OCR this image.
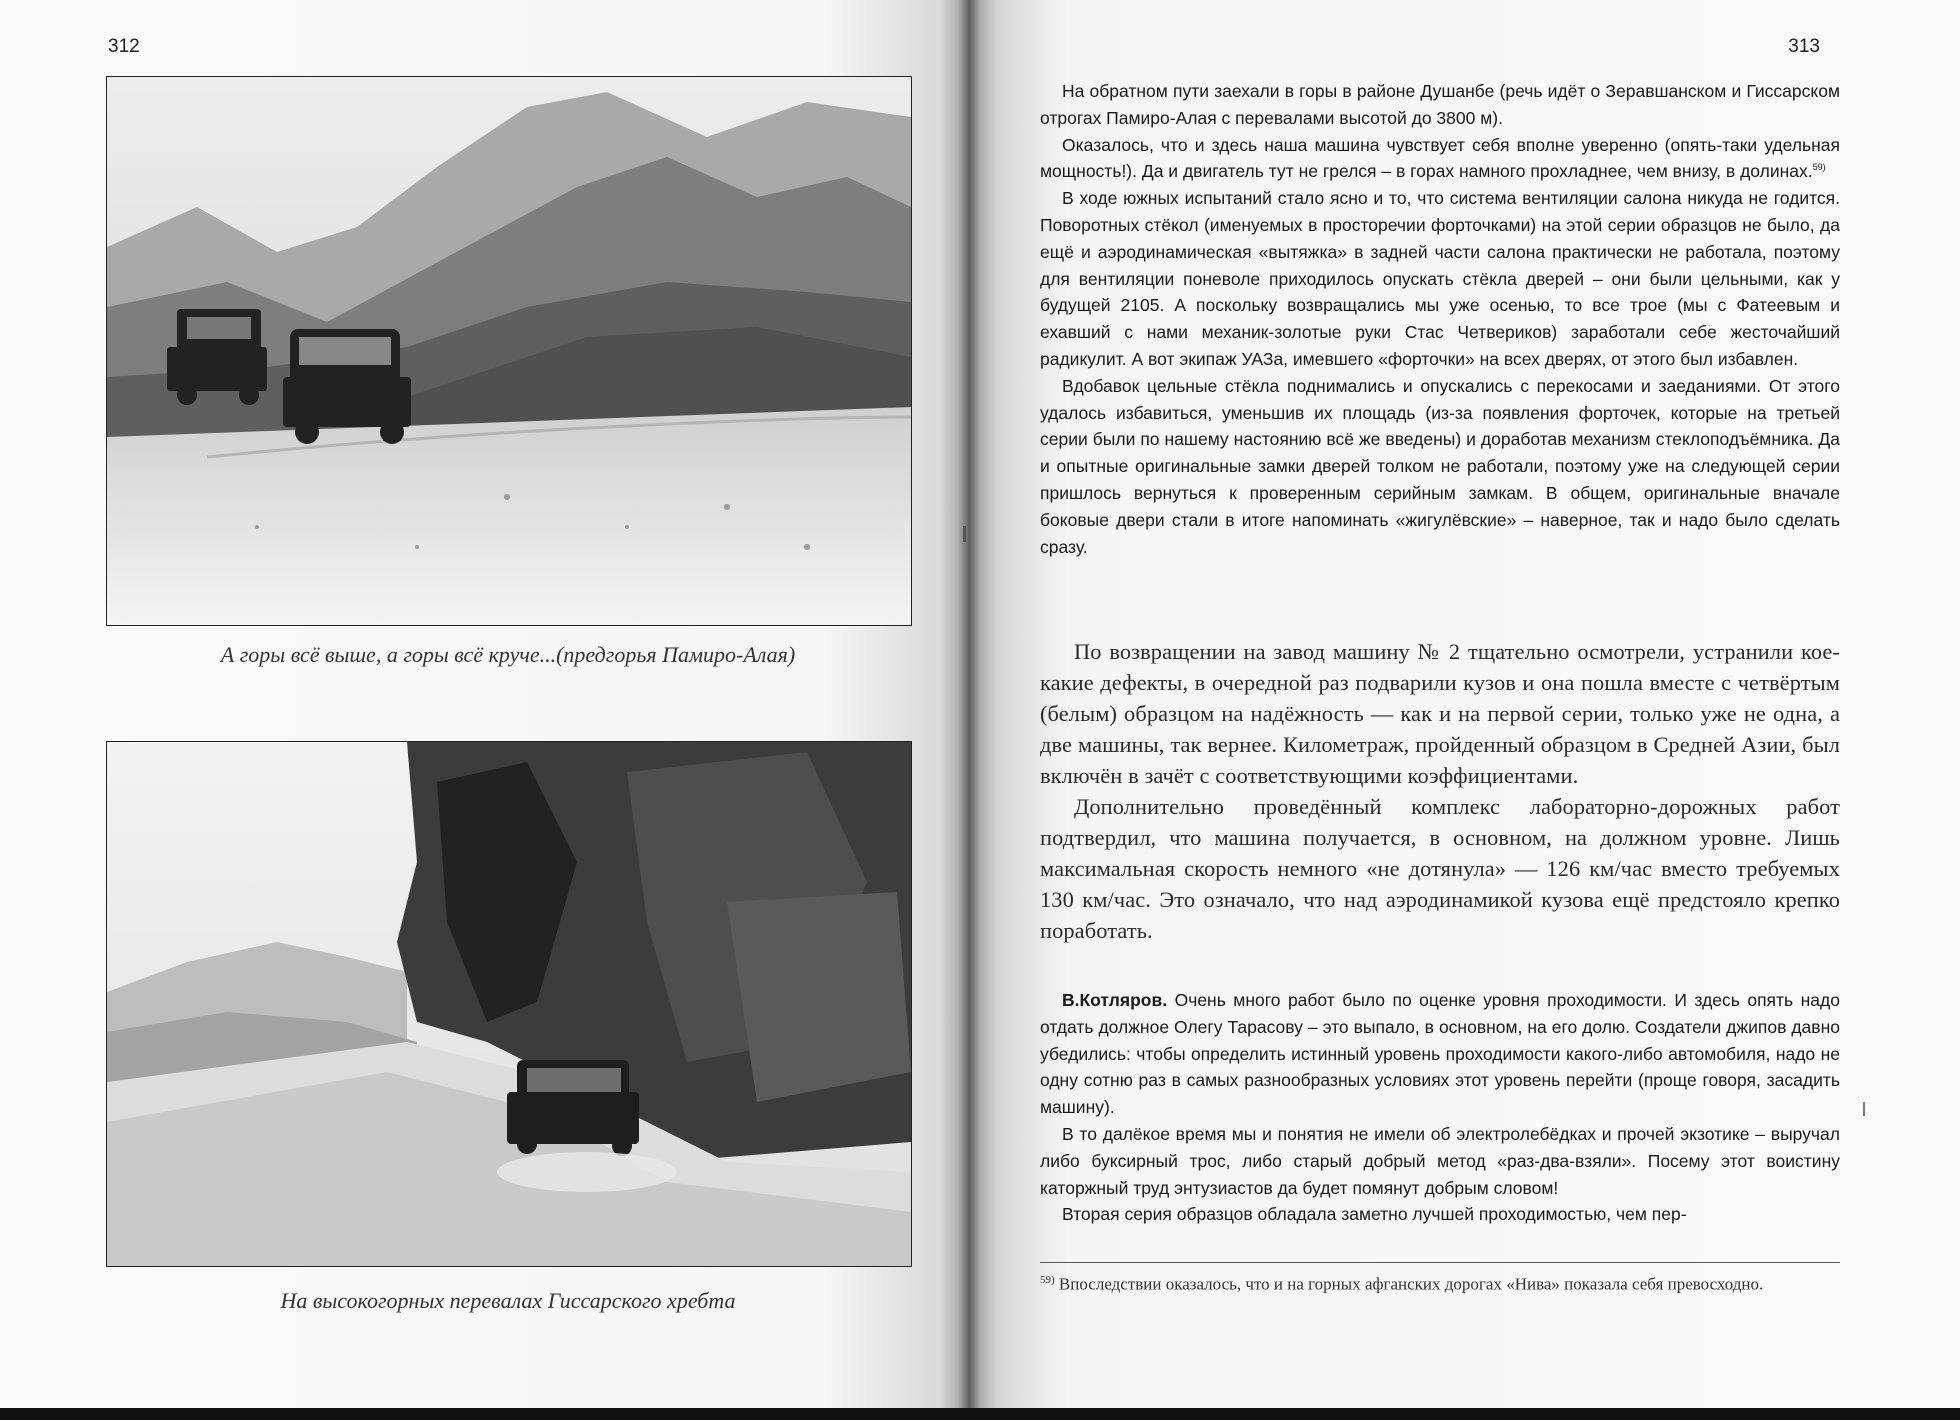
312
А горы всё выше, а горы всё круче...(предгорья Памиро-Алая)
На высокогорных перевалах Гиссарского хребта
313

На обратном пути заехали в горы в районе Душанбе (речь идёт о Зеравшанском и Гиссарском отрогах Памиро-Алая с перевалами высотой до 3800 м).

Оказалось, что и здесь наша машина чувствует себя вполне уверенно (опять-таки удельная мощность!). Да и двигатель тут не грелся – в горах намного прохладнее, чем внизу, в долинах.$^{59)}$

В ходе южных испытаний стало ясно и то, что система вентиляции салона никуда не годится. Поворотных стёкол (именуемых в просторечии форточками) на этой серии образцов не было, да ещё и аэродинамическая «вытяжка» в задней части салона практически не работала, поэтому для вентиляции поневоле приходилось опускать стёкла дверей – они были цельными, как у будущей 2105. А поскольку возвращались мы уже осенью, то все трое (мы с Фатеевым и ехавший с нами механик-золотые руки Стас Четвериков) заработали себе жесточайший радикулит. А вот экипаж УАЗа, имевшего «форточки» на всех дверях, от этого был избавлен.

Вдобавок цельные стёкла поднимались и опускались с перекосами и заеданиями. От этого удалось избавиться, уменьшив их площадь (из-за появления форточек, которые на третьей серии были по нашему настоянию всё же введены) и доработав механизм стеклоподъёмника. Да и опытные оригинальные замки дверей толком не работали, поэтому уже на следующей серии пришлось вернуться к проверенным серийным замкам. В общем, оригинальные вначале боковые двери стали в итоге напоминать «жигулёвские» – наверное, так и надо было сделать сразу.

По возвращении на завод машину № 2 тщательно осмотрели, устранили кое-какие дефекты, в очередной раз подварили кузов и она пошла вместе с четвёртым (белым) образцом на надёжность — как и на первой серии, только уже не одна, а две машины, так вернее. Километраж, пройденный образцом в Средней Азии, был включён в зачёт с соответствующими коэффициентами.

Дополнительно проведённый комплекс лабораторно-дорожных работ подтвердил, что машина получается, в основном, на должном уровне. Лишь максимальная скорость немного «не дотянула» — 126 км/час вместо требуемых 130 км/час. Это означало, что над аэродинамикой кузова ещё предстояло крепко поработать.

В.Котляров. Очень много работ было по оценке уровня проходимости. И здесь опять надо отдать должное Олегу Тарасову – это выпало, в основном, на его долю. Создатели джипов давно убедились: чтобы определить истинный уровень проходимости какого-либо автомобиля, надо не одну сотню раз в самых разнообразных условиях этот уровень перейти (проще говоря, засадить машину).

В то далёкое время мы и понятия не имели об электролебёдках и прочей экзотике – выручал либо буксирный трос, либо старый добрый метод «раз-два-взяли». Посему этот воистину каторжный труд энтузиастов да будет помянут добрым словом!

Вторая серия образцов обладала заметно лучшей проходимостью, чем пер-

$^{59)}$ Впоследствии оказалось, что и на горных афганских дорогах «Нива» показала себя превосходно.
